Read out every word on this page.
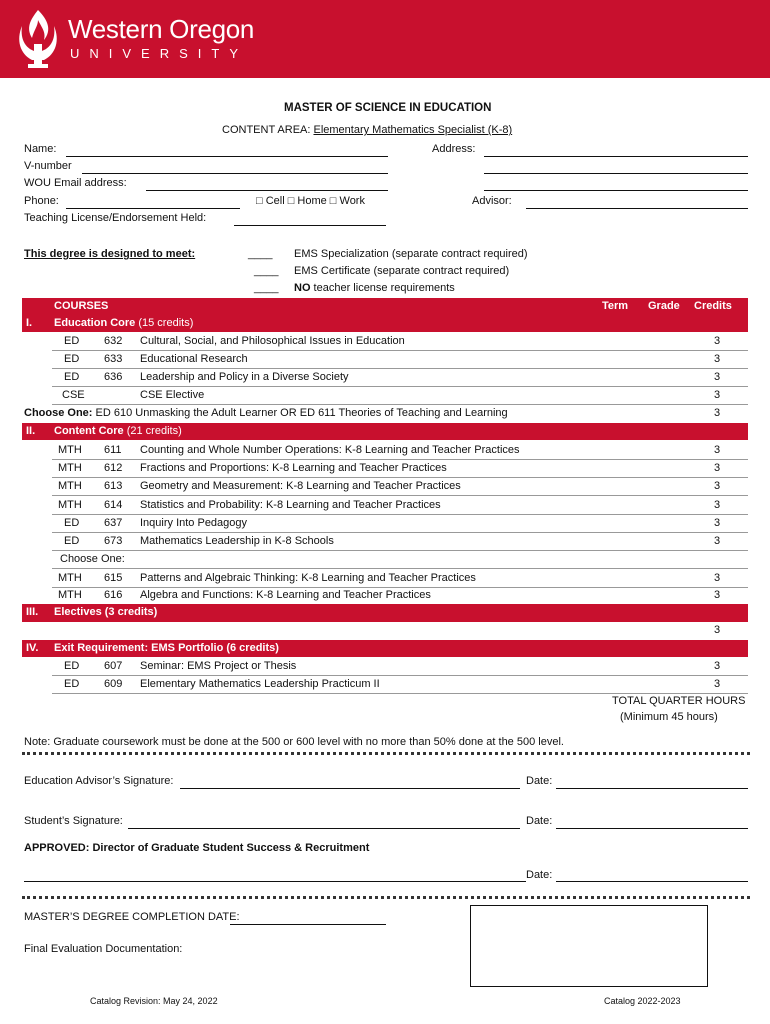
Western Oregon
UNIVERSITY
MASTER OF SCIENCE IN EDUCATION
CONTENT AREA: Elementary Mathematics Specialist (K-8)
Name:
V-number
WOU Email address:
Phone:	□ Cell □ Home □ Work
Teaching License/Endorsement Held:
Address:
Advisor:
This degree is designed to meet:	____ EMS Specialization (separate contract required)
____ EMS Certificate (separate contract required)
____ NO teacher license requirements
COURSES	Term Grade Credits
I. Education Core (15 credits)
ED 632 Cultural, Social, and Philosophical Issues in Education	3
ED 633 Educational Research	3
ED 636 Leadership and Policy in a Diverse Society	3
CSE	CSE Elective	3
Choose One: ED 610 Unmasking the Adult Learner OR ED 611 Theories of Teaching and Learning	3
II. Content Core (21 credits)
MTH 611 Counting and Whole Number Operations: K-8 Learning and Teacher Practices	3
MTH 612 Fractions and Proportions: K-8 Learning and Teacher Practices	3
MTH 613 Geometry and Measurement: K-8 Learning and Teacher Practices	3
MTH 614 Statistics and Probability: K-8 Learning and Teacher Practices	3
ED 637 Inquiry Into Pedagogy	3
ED 673 Mathematics Leadership in K-8 Schools	3
Choose One:
MTH 615 Patterns and Algebraic Thinking: K-8 Learning and Teacher Practices	3
MTH 616 Algebra and Functions: K-8 Learning and Teacher Practices	3
III. Electives (3 credits)
3
IV. Exit Requirement: EMS Portfolio (6 credits)
ED 607 Seminar: EMS Project or Thesis	3
ED 609 Elementary Mathematics Leadership Practicum II	3
TOTAL QUARTER HOURS
(Minimum 45 hours)
Note: Graduate coursework must be done at the 500 or 600 level with no more than 50% done at the 500 level.
Education Advisor’s Signature:	Date:
Student’s Signature:	Date:
APPROVED: Director of Graduate Student Success & Recruitment
Date:
MASTER’S DEGREE COMPLETION DATE:
Final Evaluation Documentation:
Catalog Revision: May 24, 2022	Catalog 2022-2023
